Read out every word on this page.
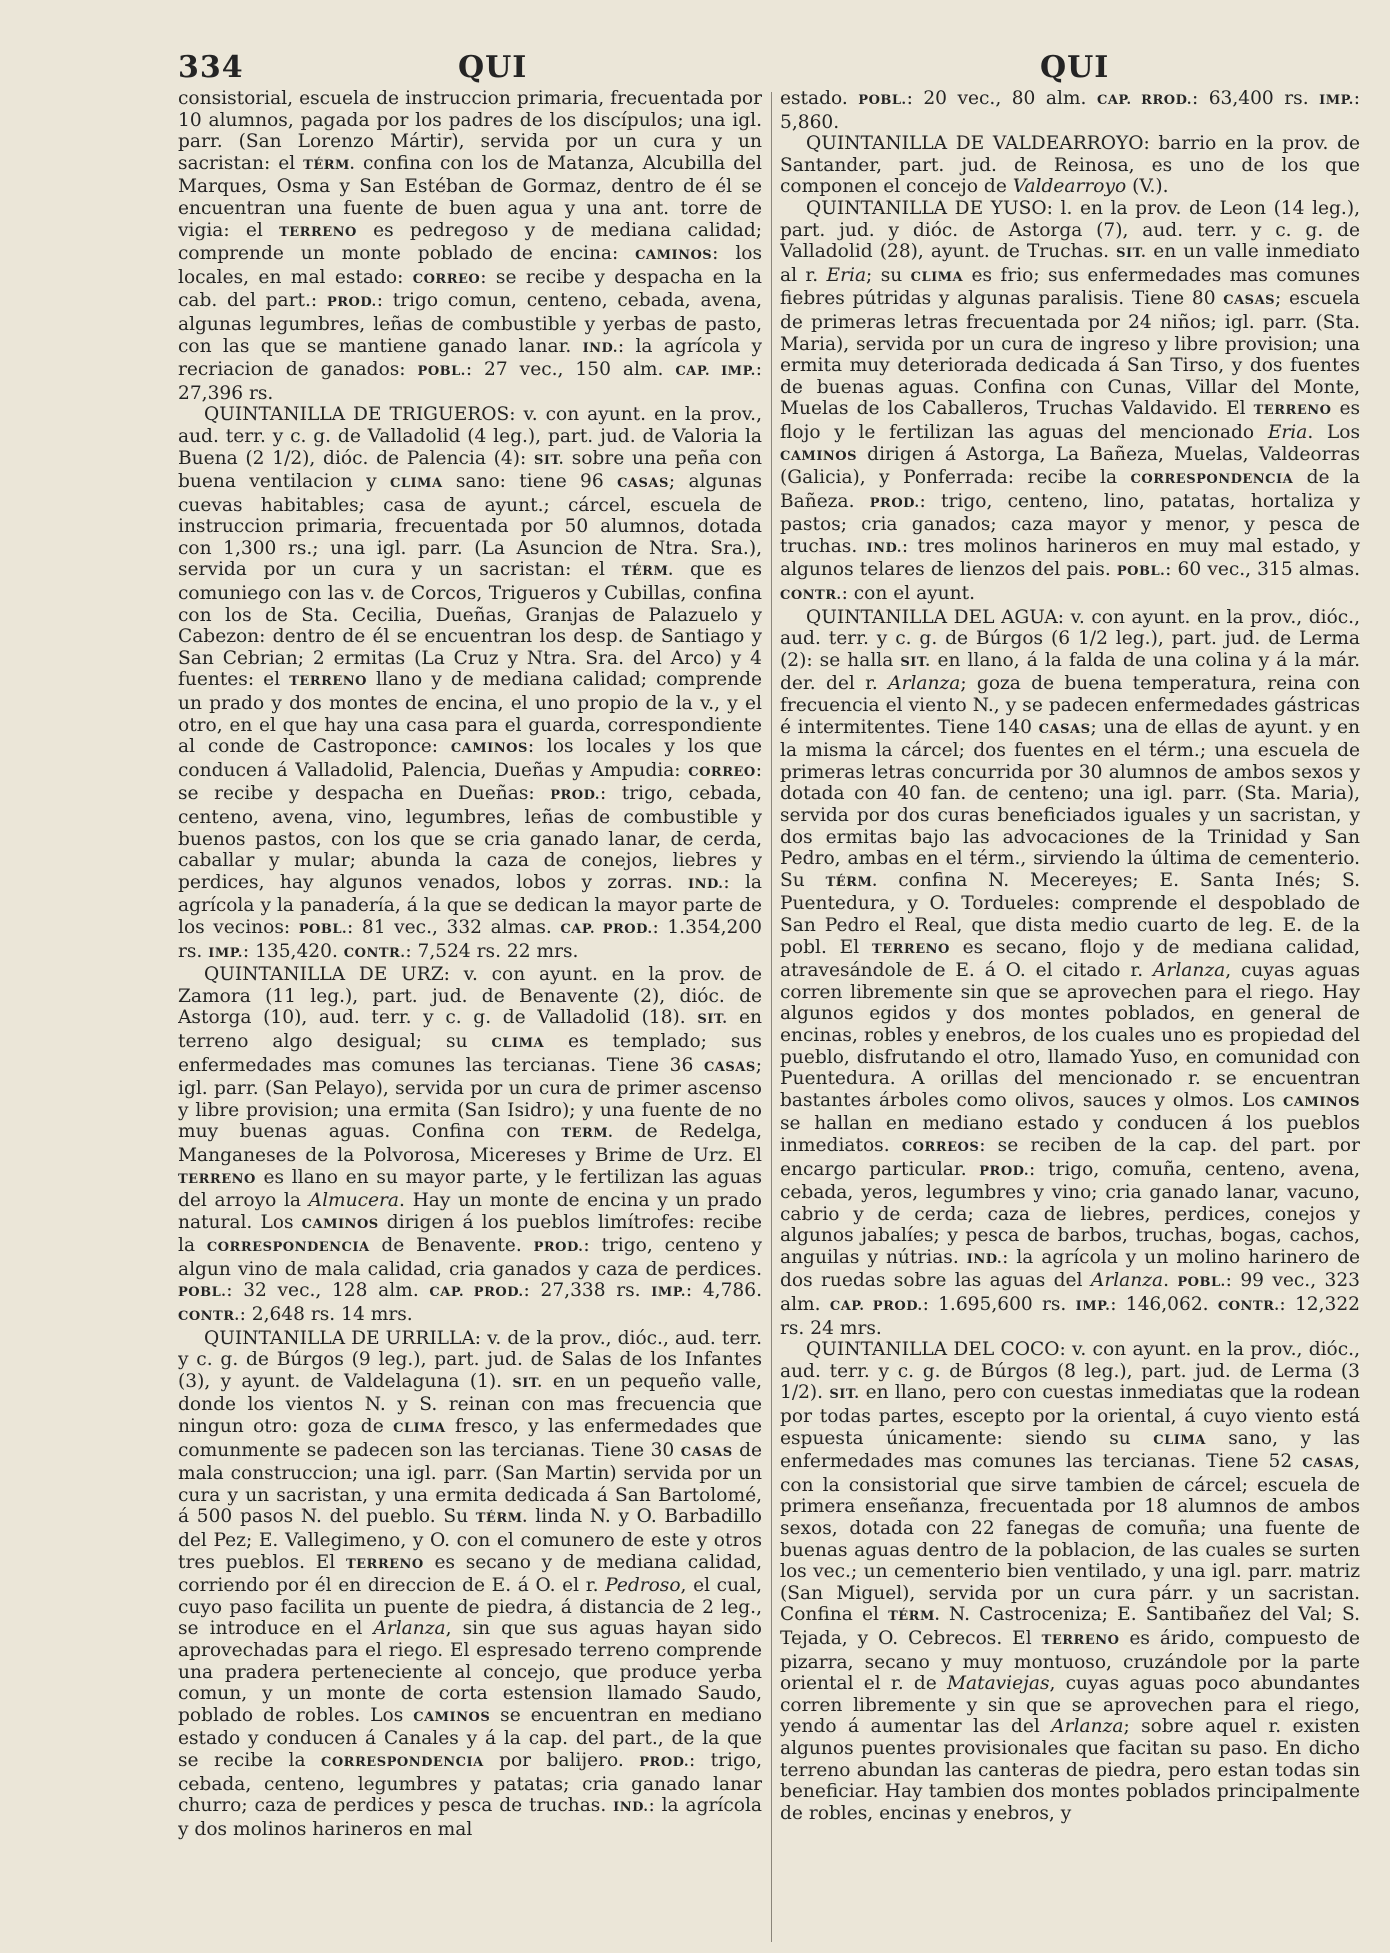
334	QUI	QUI

consistorial, escuela de instruccion primaria, frecuentada por 10 alumnos, pagada por los padres de los discípulos; una igl. parr. (San Lorenzo Mártir), servida por un cura y un sacristan: el TÉRM. confina con los de Matanza, Alcubilla del Marques, Osma y San Estéban de Gormaz, dentro de él se encuentran una fuente de buen agua y una ant. torre de vigia: el TERRENO es pedregoso y de mediana calidad; comprende un monte poblado de encina: CAMINOS: los locales, en mal estado: CORREO: se recibe y despacha en la cab. del part.: PROD.: trigo comun, centeno, cebada, avena, algunas legumbres, leñas de combustible y yerbas de pasto, con las que se mantiene ganado lanar. IND.: la agrícola y recriacion de ganados: POBL.: 27 vec., 150 alm. CAP. IMP.: 27,396 rs.

QUINTANILLA DE TRIGUEROS: v. con ayunt. en la prov., aud. terr. y c. g. de Valladolid (4 leg.), part. jud. de Valoria la Buena (2 1/2), dióc. de Palencia (4): SIT. sobre una peña con buena ventilacion y CLIMA sano: tiene 96 CASAS; algunas cuevas habitables; casa de ayunt.; cárcel, escuela de instruccion primaria, frecuentada por 50 alumnos, dotada con 1,300 rs.; una igl. parr. (La Asuncion de Ntra. Sra.), servida por un cura y un sacristan: el TÉRM. que es comuniego con las v. de Corcos, Trigueros y Cubillas, confina con los de Sta. Cecilia, Dueñas, Granjas de Palazuelo y Cabezon: dentro de él se encuentran los desp. de Santiago y San Cebrian; 2 ermitas (La Cruz y Ntra. Sra. del Arco) y 4 fuentes: el TERRENO llano y de mediana calidad; comprende un prado y dos montes de encina, el uno propio de la v., y el otro, en el que hay una casa para el guarda, correspondiente al conde de Castroponce: CAMINOS: los locales y los que conducen á Valladolid, Palencia, Dueñas y Ampudia: CORREO: se recibe y despacha en Dueñas: PROD.: trigo, cebada, centeno, avena, vino, legumbres, leñas de combustible y buenos pastos, con los que se cria ganado lanar, de cerda, caballar y mular; abunda la caza de conejos, liebres y perdices, hay algunos venados, lobos y zorras. IND.: la agrícola y la panadería, á la que se dedican la mayor parte de los vecinos: POBL.: 81 vec., 332 almas. CAP. PROD.: 1.354,200 rs. IMP.: 135,420. CONTR.: 7,524 rs. 22 mrs.

QUINTANILLA DE URZ: v. con ayunt. en la prov. de Zamora (11 leg.), part. jud. de Benavente (2), dióc. de Astorga (10), aud. terr. y c. g. de Valladolid (18). SIT. en terreno algo desigual; su CLIMA es templado; sus enfermedades mas comunes las tercianas. Tiene 36 CASAS; igl. parr. (San Pelayo), servida por un cura de primer ascenso y libre provision; una ermita (San Isidro); y una fuente de no muy buenas aguas. Confina con TERM. de Redelga, Manganeses de la Polvorosa, Micereses y Brime de Urz. El TERRENO es llano en su mayor parte, y le fertilizan las aguas del arroyo la Almucera. Hay un monte de encina y un prado natural. Los CAMINOS dirigen á los pueblos limítrofes: recibe la CORRESPONDENCIA de Benavente. PROD.: trigo, centeno y algun vino de mala calidad, cria ganados y caza de perdices. POBL.: 32 vec., 128 alm. CAP. PROD.: 27,338 rs. IMP.: 4,786. CONTR.: 2,648 rs. 14 mrs.

QUINTANILLA DE URRILLA: v. de la prov., dióc., aud. terr. y c. g. de Búrgos (9 leg.), part. jud. de Salas de los Infantes (3), y ayunt. de Valdelaguna (1). SIT. en un pequeño valle, donde los vientos N. y S. reinan con mas frecuencia que ningun otro: goza de CLIMA fresco, y las enfermedades que comunmente se padecen son las tercianas. Tiene 30 CASAS de mala construccion; una igl. parr. (San Martin) servida por un cura y un sacristan, y una ermita dedicada á San Bartolomé, á 500 pasos N. del pueblo. Su TÉRM. linda N. y O. Barbadillo del Pez; E. Vallegimeno, y O. con el comunero de este y otros tres pueblos. El TERRENO es secano y de mediana calidad, corriendo por él en direccion de E. á O. el r. Pedroso, el cual, cuyo paso facilita un puente de piedra, á distancia de 2 leg., se introduce en el Arlanza, sin que sus aguas hayan sido aprovechadas para el riego. El espresado terreno comprende una pradera perteneciente al concejo, que produce yerba comun, y un monte de corta estension llamado Saudo, poblado de robles. Los CAMINOS se encuentran en mediano estado y conducen á Canales y á la cap. del part., de la que se recibe la CORRESPONDENCIA por balijero. PROD.: trigo, cebada, centeno, legumbres y patatas; cria ganado lanar churro; caza de perdices y pesca de truchas. IND.: la agrícola y dos molinos harineros en mal

estado. POBL.: 20 vec., 80 alm. CAP. RROD.: 63,400 rs. IMP.: 5,860.

QUINTANILLA DE VALDEARROYO: barrio en la prov. de Santander, part. jud. de Reinosa, es uno de los que componen el concejo de Valdearroyo (V.).

QUINTANILLA DE YUSO: l. en la prov. de Leon (14 leg.), part. jud. y dióc. de Astorga (7), aud. terr. y c. g. de Valladolid (28), ayunt. de Truchas. SIT. en un valle inmediato al r. Eria; su CLIMA es frio; sus enfermedades mas comunes fiebres pútridas y algunas paralisis. Tiene 80 CASAS; escuela de primeras letras frecuentada por 24 niños; igl. parr. (Sta. Maria), servida por un cura de ingreso y libre provision; una ermita muy deteriorada dedicada á San Tirso, y dos fuentes de buenas aguas. Confina con Cunas, Villar del Monte, Muelas de los Caballeros, Truchas Valdavido. El TERRENO es flojo y le fertilizan las aguas del mencionado Eria. Los CAMINOS dirigen á Astorga, La Bañeza, Muelas, Valdeorras (Galicia), y Ponferrada: recibe la CORRESPONDENCIA de la Bañeza. PROD.: trigo, centeno, lino, patatas, hortaliza y pastos; cria ganados; caza mayor y menor, y pesca de truchas. IND.: tres molinos harineros en muy mal estado, y algunos telares de lienzos del pais. POBL.: 60 vec., 315 almas. CONTR.: con el ayunt.

QUINTANILLA DEL AGUA: v. con ayunt. en la prov., dióc., aud. terr. y c. g. de Búrgos (6 1/2 leg.), part. jud. de Lerma (2): se halla SIT. en llano, á la falda de una colina y á la már. der. del r. Arlanza; goza de buena temperatura, reina con frecuencia el viento N., y se padecen enfermedades gástricas é intermitentes. Tiene 140 CASAS; una de ellas de ayunt. y en la misma la cárcel; dos fuentes en el térm.; una escuela de primeras letras concurrida por 30 alumnos de ambos sexos y dotada con 40 fan. de centeno; una igl. parr. (Sta. Maria), servida por dos curas beneficiados iguales y un sacristan, y dos ermitas bajo las advocaciones de la Trinidad y San Pedro, ambas en el térm., sirviendo la última de cementerio. Su TÉRM. confina N. Mecereyes; E. Santa Inés; S. Puentedura, y O. Tordueles: comprende el despoblado de San Pedro el Real, que dista medio cuarto de leg. E. de la pobl. El TERRENO es secano, flojo y de mediana calidad, atravesándole de E. á O. el citado r. Arlanza, cuyas aguas corren libremente sin que se aprovechen para el riego. Hay algunos egidos y dos montes poblados, en general de encinas, robles y enebros, de los cuales uno es propiedad del pueblo, disfrutando el otro, llamado Yuso, en comunidad con Puentedura. A orillas del mencionado r. se encuentran bastantes árboles como olivos, sauces y olmos. Los CAMINOS se hallan en mediano estado y conducen á los pueblos inmediatos. CORREOS: se reciben de la cap. del part. por encargo particular. PROD.: trigo, comuña, centeno, avena, cebada, yeros, legumbres y vino; cria ganado lanar, vacuno, cabrio y de cerda; caza de liebres, perdices, conejos y algunos jabalíes; y pesca de barbos, truchas, bogas, cachos, anguilas y nútrias. IND.: la agrícola y un molino harinero de dos ruedas sobre las aguas del Arlanza. POBL.: 99 vec., 323 alm. CAP. PROD.: 1.695,600 rs. IMP.: 146,062. CONTR.: 12,322 rs. 24 mrs.

QUINTANILLA DEL COCO: v. con ayunt. en la prov., dióc., aud. terr. y c. g. de Búrgos (8 leg.), part. jud. de Lerma (3 1/2). SIT. en llano, pero con cuestas inmediatas que la rodean por todas partes, escepto por la oriental, á cuyo viento está espuesta únicamente: siendo su CLIMA sano, y las enfermedades mas comunes las tercianas. Tiene 52 CASAS, con la consistorial que sirve tambien de cárcel; escuela de primera enseñanza, frecuentada por 18 alumnos de ambos sexos, dotada con 22 fanegas de comuña; una fuente de buenas aguas dentro de la poblacion, de las cuales se surten los vec.; un cementerio bien ventilado, y una igl. parr. matriz (San Miguel), servida por un cura párr. y un sacristan. Confina el TÉRM. N. Castroceniza; E. Santibañez del Val; S. Tejada, y O. Cebrecos. El TERRENO es árido, compuesto de pizarra, secano y muy montuoso, cruzándole por la parte oriental el r. de Mataviejas, cuyas aguas poco abundantes corren libremente y sin que se aprovechen para el riego, yendo á aumentar las del Arlanza; sobre aquel r. existen algunos puentes provisionales que facitan su paso. En dicho terreno abundan las canteras de piedra, pero estan todas sin beneficiar. Hay tambien dos montes poblados principalmente de robles, encinas y enebros, y
